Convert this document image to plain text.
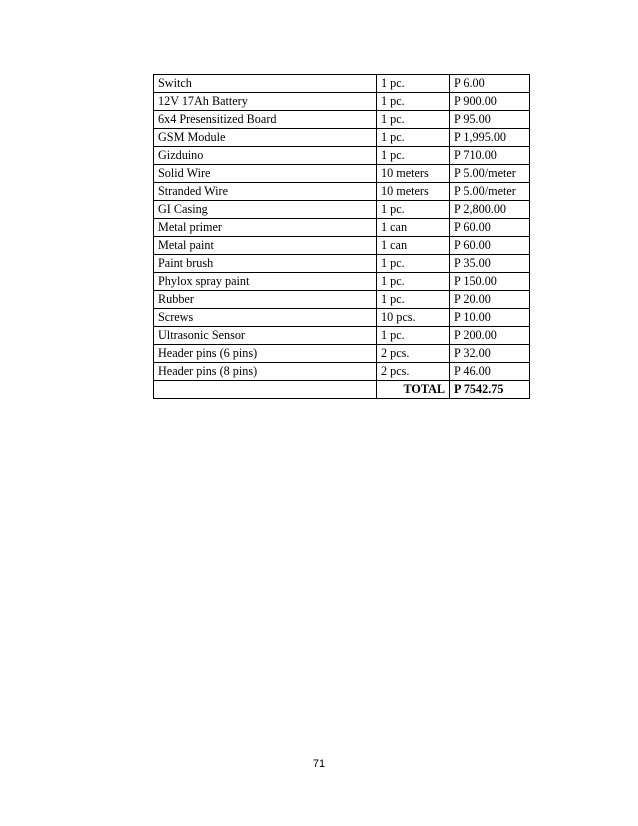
Switch	1 pc.	P 6.00
12V 17Ah Battery	1 pc.	P 900.00
6x4 Presensitized Board	1 pc.	P 95.00
GSM Module	1 pc.	P 1,995.00
Gizduino	1 pc.	P 710.00
Solid Wire	10 meters	P 5.00/meter
Stranded Wire	10 meters	P 5.00/meter
GI Casing	1 pc.	P 2,800.00
Metal primer	1 can	P 60.00
Metal paint	1 can	P 60.00
Paint brush	1 pc.	P 35.00
Phylox spray paint	1 pc.	P 150.00
Rubber	1 pc.	P 20.00
Screws	10 pcs.	P 10.00
Ultrasonic Sensor	1 pc.	P 200.00
Header pins (6 pins)	2 pcs.	P 32.00
Header pins (8 pins)	2 pcs.	P 46.00
	TOTAL	P 7542.75
71
